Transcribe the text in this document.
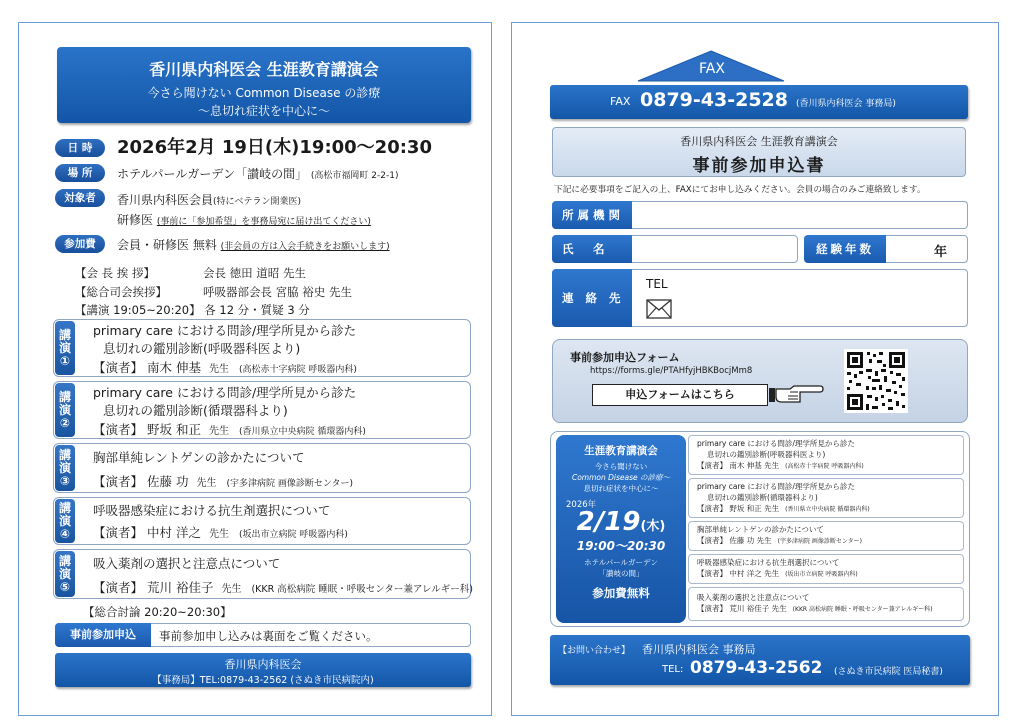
香川県内科医会 生涯教育講演会
今さら聞けない Common Disease の診療
～息切れ症状を中心に～
日 時	2026年2月 19日(木)19:00～20:30
場 所	ホテルパールガーデン「讃岐の間」 (高松市福岡町 2-2-1)
対象者	香川県内科医会員(特にベテラン開業医)
研修医 (事前に「参加希望」を事務局宛に届け出てください)
参加費	会員・研修医 無料 (非会員の方は入会手続きをお願いします)
【会 長 挨 拶】	会長 徳田 道昭 先生
【総合司会挨拶】	呼吸器部会長 宮脇 裕史 先生
【講演 19:05~20:20】 各 12 分・質疑 3 分
講
演
①
primary care における問診/理学所見から診た
息切れの鑑別診断(呼吸器科医より)
【演者】 南木 伸基 先生 (高松赤十字病院 呼吸器内科)
講
演
②
primary care における問診/理学所見から診た
息切れの鑑別診断(循環器科より)
【演者】 野坂 和正 先生 (香川県立中央病院 循環器内科)
講
演
③
胸部単純レントゲンの診かたについて
【演者】 佐藤 功 先生 (宇多津病院 画像診断センター)
講
演
④
呼吸器感染症における抗生剤選択について
【演者】 中村 洋之 先生 (坂出市立病院 呼吸器内科)
講
演
⑤
吸入薬剤の選択と注意点について
【演者】 荒川 裕佳子 先生 (KKR 高松病院 睡眠・呼吸センター兼アレルギー科)
【総合討論 20:20~20:30】
事前参加申込	事前参加申し込みは裏面をご覧ください。
香川県内科医会
【事務局】TEL:0879-43-2562 (さぬき市民病院内)
FAX
FAX 0879-43-2528 (香川県内科医会 事務局)
香川県内科医会 生涯教育講演会
事前参加申込書
下記に必要事項をご記入の上、FAXにてお申し込みください。会員の場合のみご連絡致します。
所属機関
氏　名	経験年数	年
連 絡 先
TEL
事前参加申込フォーム
https://forms.gle/PTAHfyjHBKBocjMm8
申込フォームはこちら
生涯教育講演会
今さら聞けない
Common Disease の診療～
息切れ症状を中心に～
2026年
2/19(木)
19:00～20:30
ホテルパールガーデン
「讃岐の間」
参加費無料
primary care における問診/理学所見から診た
息切れの鑑別診断(呼吸器科医より)
【演者】 南木 伸基 先生 (高松赤十字病院 呼吸器内科)
primary care における問診/理学所見から診た
息切れの鑑別診断(循環器科より)
【演者】 野坂 和正 先生 (香川県立中央病院 循環器内科)
胸部単純レントゲンの診かたについて
【演者】 佐藤 功 先生 (宇多津病院 画像診断センター)
呼吸器感染症における抗生剤選択について
【演者】 中村 洋之 先生 (坂出市立病院 呼吸器内科)
吸入薬剤の選択と注意点について
【演者】 荒川 裕佳子 先生 (KKR 高松病院 睡眠・呼吸センター兼アレルギー科)
【お問い合わせ】 香川県内科医会 事務局
TEL: 0879-43-2562 (さぬき市民病院 医局秘書)
